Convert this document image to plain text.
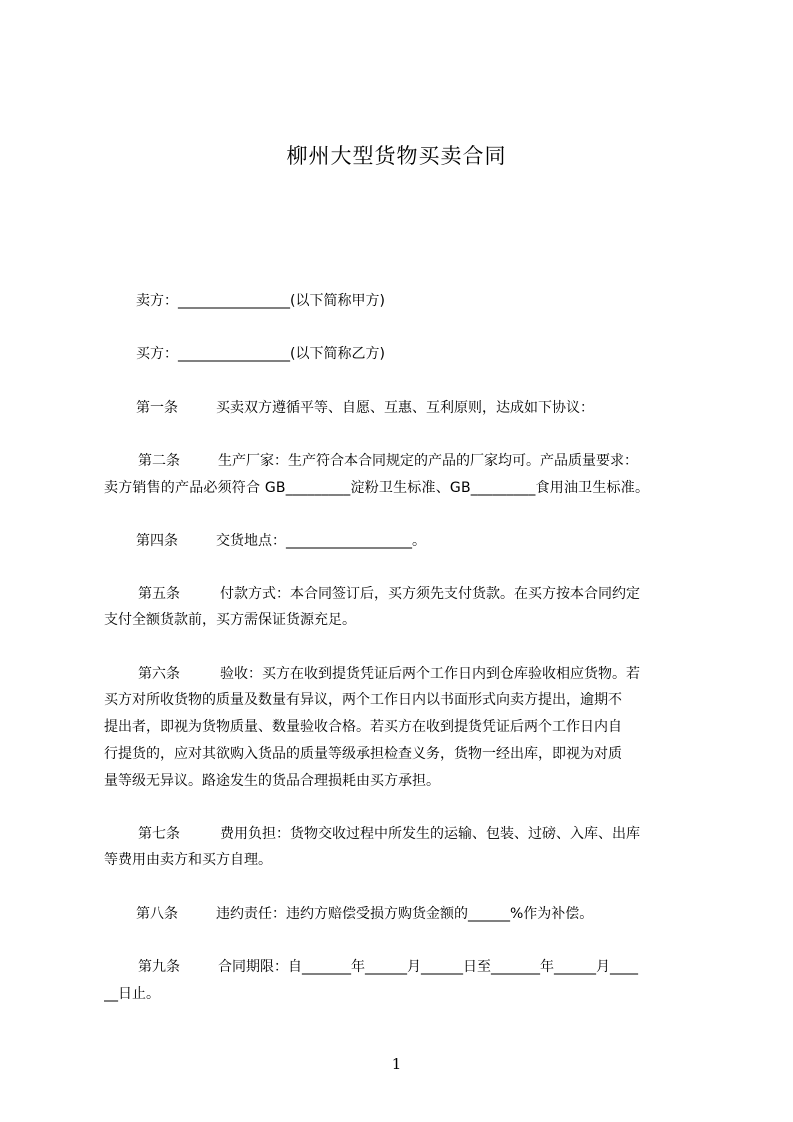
柳州大型货物买卖合同
卖方：________________(以下简称甲方)
买方：________________(以下简称乙方)
第一条	买卖双方遵循平等、自愿、互惠、互利原则，达成如下协议：
第二条	生产厂家：生产符合本合同规定的产品的厂家均可。产品质量要求：
卖方销售的产品必须符合 GB_________淀粉卫生标准、GB_________食用油卫生标准。
第四条	交货地点：__________________。
第五条	付款方式：本合同签订后，买方须先支付货款。在买方按本合同约定
支付全额货款前，买方需保证货源充足。
第六条	验收：买方在收到提货凭证后两个工作日内到仓库验收相应货物。若
买方对所收货物的质量及数量有异议，两个工作日内以书面形式向卖方提出，逾期不
提出者，即视为货物质量、数量验收合格。若买方在收到提货凭证后两个工作日内自
行提货的，应对其欲购入货品的质量等级承担检查义务，货物一经出库，即视为对质
量等级无异议。路途发生的货品合理损耗由买方承担。
第七条	费用负担：货物交收过程中所发生的运输、包装、过磅、入库、出库
等费用由卖方和买方自理。
第八条	违约责任：违约方赔偿受损方购货金额的______%作为补偿。
第九条	合同期限：自_______年______月______日至_______年______月____
__日止。
1
